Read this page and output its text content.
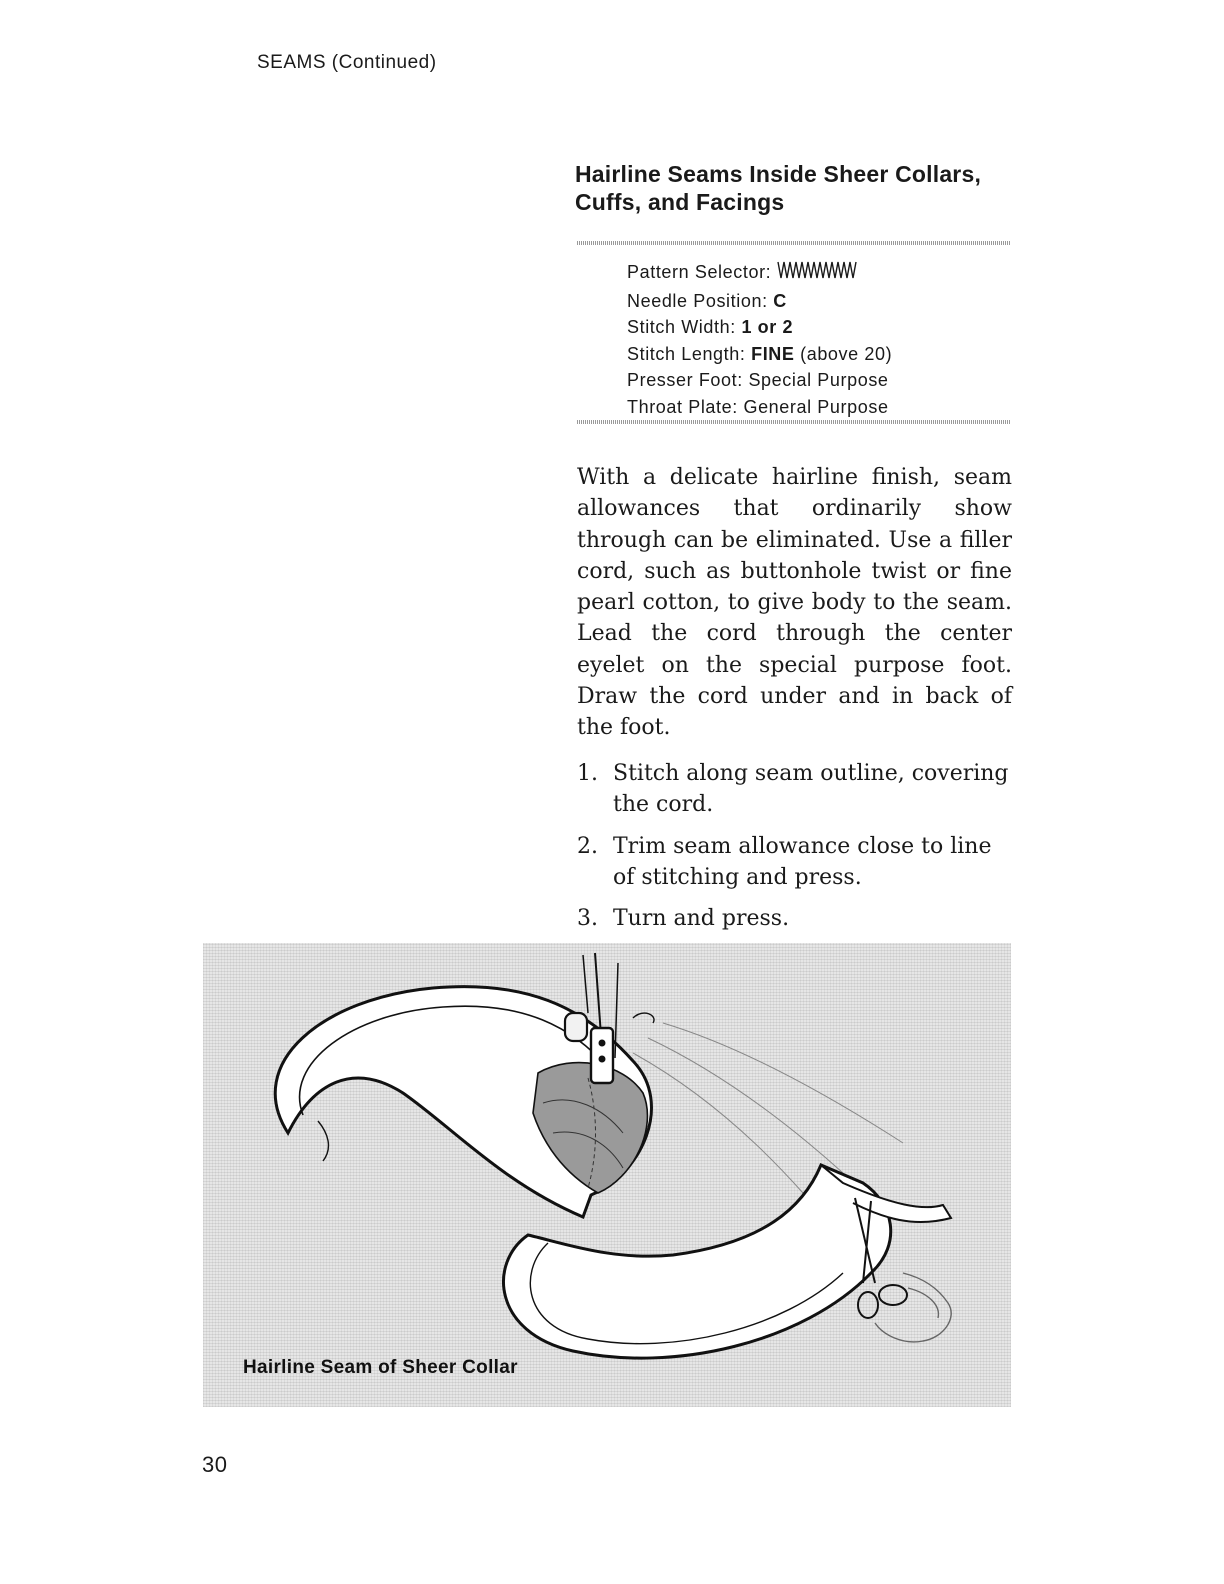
SEAMS (Continued)
Hairline Seams Inside Sheer Collars,
Cuffs, and Facings
Pattern Selector:
Needle Position: C
Stitch Width: 1 or 2
Stitch Length: FINE (above 20)
Presser Foot: Special Purpose
Throat Plate: General Purpose

With a delicate hairline finish, seam allowances that ordinarily show through can be eliminated. Use a filler cord, such as buttonhole twist or fine pearl cotton, to give body to the seam. Lead the cord through the center eyelet on the special purpose foot. Draw the cord under and in back of the foot.

1. Stitch along seam outline, covering the cord.
2. Trim seam allowance close to line of stitching and press.
3. Turn and press.
Hairline Seam of Sheer Collar
30
